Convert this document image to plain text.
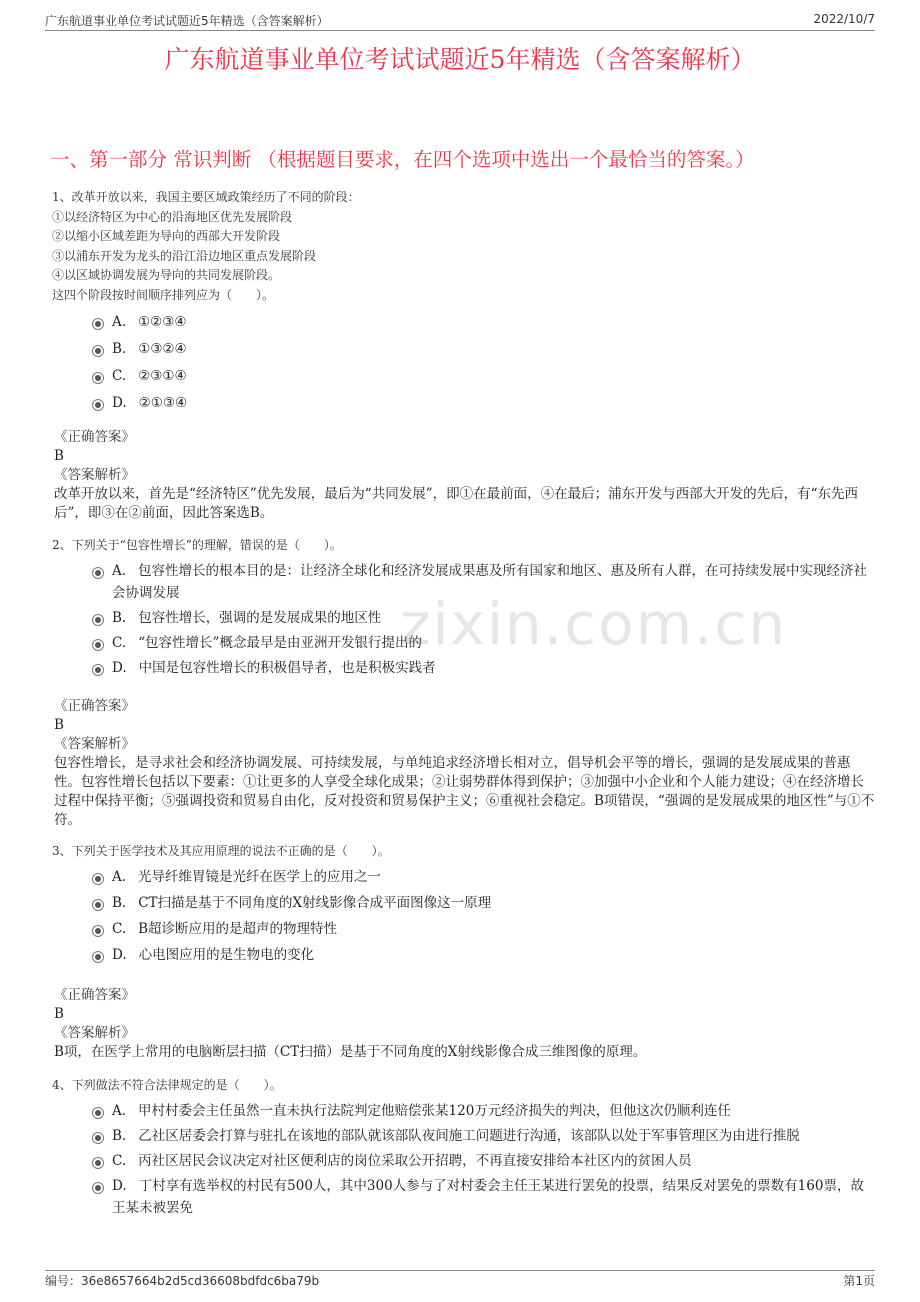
广东航道事业单位考试试题近5年精选（含答案解析）	2022/10/7
zixin.com.cn
广东航道事业单位考试试题近5年精选（含答案解析）
一、第一部分 常识判断 （根据题目要求，在四个选项中选出一个最恰当的答案。）
1、改革开放以来，我国主要区域政策经历了不同的阶段：
①以经济特区为中心的沿海地区优先发展阶段
②以缩小区域差距为导向的西部大开发阶段
③以浦东开发为龙头的沿江沿边地区重点发展阶段
④以区域协调发展为导向的共同发展阶段。
这四个阶段按时间顺序排列应为（　　）。
A. ①②③④
B. ①③②④
C. ②③①④
D. ②①③④
《正确答案》
B
《答案解析》
改革开放以来，首先是“经济特区”优先发展，最后为“共同发展”，即①在最前面，④在最后；浦东开发与西部大开发的先后，有“东先西后”，即③在②前面，因此答案选B。
2、下列关于“包容性增长”的理解，错误的是（　　）。
A. 包容性增长的根本目的是：让经济全球化和经济发展成果惠及所有国家和地区、惠及所有人群，在可持续发展中实现经济社会协调发展
B. 包容性增长，强调的是发展成果的地区性
C. “包容性增长”概念最早是由亚洲开发银行提出的
D. 中国是包容性增长的积极倡导者，也是积极实践者
《正确答案》
B
《答案解析》
包容性增长，是寻求社会和经济协调发展、可持续发展，与单纯追求经济增长相对立，倡导机会平等的增长，强调的是发展成果的普惠性。包容性增长包括以下要素：①让更多的人享受全球化成果；②让弱势群体得到保护；③加强中小企业和个人能力建设；④在经济增长过程中保持平衡；⑤强调投资和贸易自由化，反对投资和贸易保护主义；⑥重视社会稳定。B项错误，“强调的是发展成果的地区性”与①不符。
3、下列关于医学技术及其应用原理的说法不正确的是（　　）。
A. 光导纤维胃镜是光纤在医学上的应用之一
B. CT扫描是基于不同角度的X射线影像合成平面图像这一原理
C. B超诊断应用的是超声的物理特性
D. 心电图应用的是生物电的变化
《正确答案》
B
《答案解析》
B项，在医学上常用的电脑断层扫描（CT扫描）是基于不同角度的X射线影像合成三维图像的原理。
4、下列做法不符合法律规定的是（　　）。
A. 甲村村委会主任虽然一直未执行法院判定他赔偿张某120万元经济损失的判决，但他这次仍顺利连任
B. 乙社区居委会打算与驻扎在该地的部队就该部队夜间施工问题进行沟通，该部队以处于军事管理区为由进行推脱
C. 丙社区居民会议决定对社区便利店的岗位采取公开招聘，不再直接安排给本社区内的贫困人员
D. 丁村享有选举权的村民有500人，其中300人参与了对村委会主任王某进行罢免的投票，结果反对罢免的票数有160票，故王某未被罢免
编号：36e8657664b2d5cd36608bdfdc6ba79b	第1页
